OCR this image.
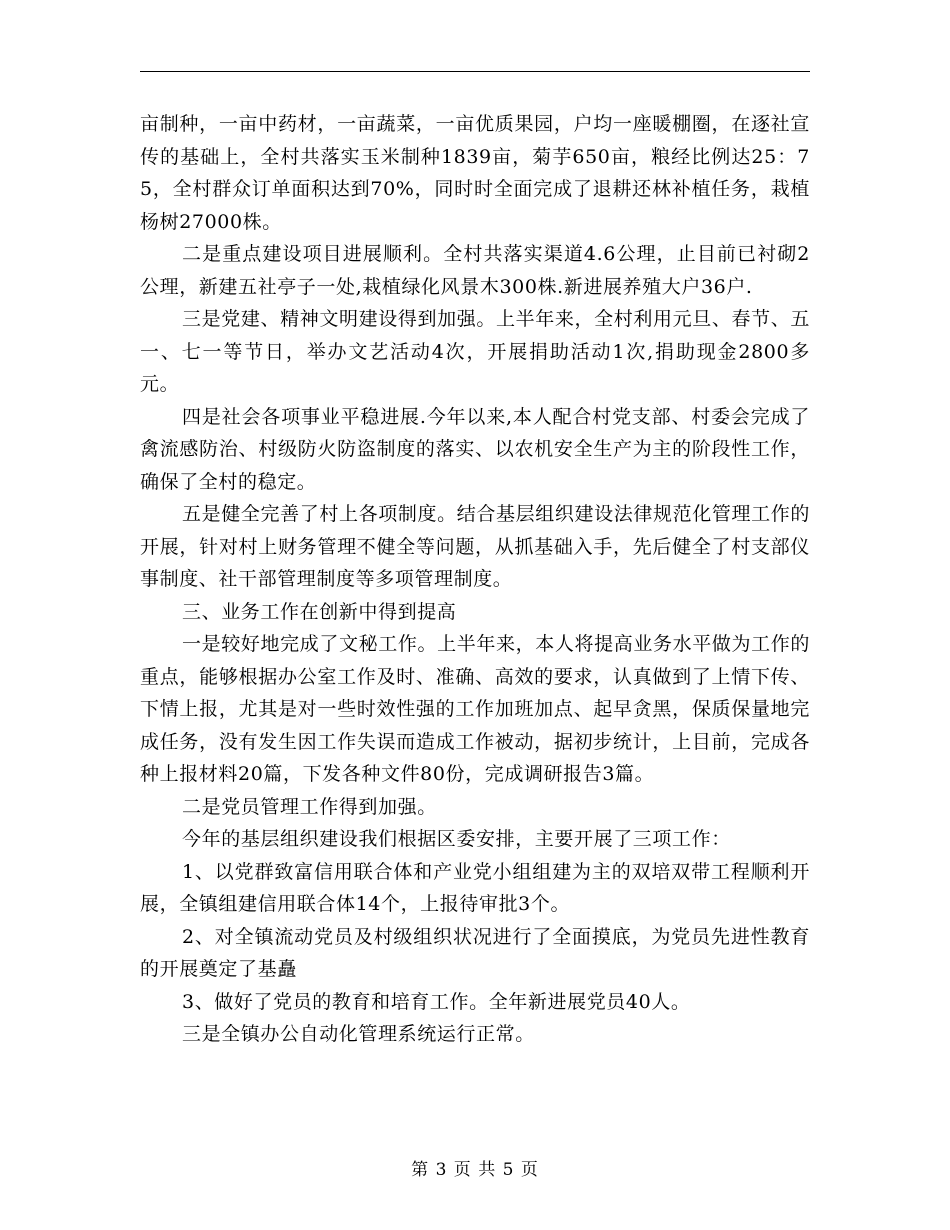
亩制种，一亩中药材，一亩蔬菜，一亩优质果园，户均一座暖棚圈，在逐社宣传的基础上，全村共落实玉米制种1839亩，菊芋650亩，粮经比例达25：75，全村群众订单面积达到70%，同时时全面完成了退耕还林补植任务，栽植杨树27000株。

二是重点建设项目进展顺利。全村共落实渠道4.6公理，止目前已衬砌2公理，新建五社亭子一处,栽植绿化风景木300株.新进展养殖大户36户.

三是党建、精神文明建设得到加强。上半年来，全村利用元旦、春节、五一、七一等节日，举办文艺活动4次，开展捐助活动1次,捐助现金2800多元。

四是社会各项事业平稳进展.今年以来,本人配合村党支部、村委会完成了禽流感防治、村级防火防盗制度的落实、以农机安全生产为主的阶段性工作，确保了全村的稳定。

五是健全完善了村上各项制度。结合基层组织建设法律规范化管理工作的开展，针对村上财务管理不健全等问题，从抓基础入手，先后健全了村支部仪事制度、社干部管理制度等多项管理制度。

三、业务工作在创新中得到提高

一是较好地完成了文秘工作。上半年来，本人将提高业务水平做为工作的重点，能够根据办公室工作及时、准确、高效的要求，认真做到了上情下传、下情上报，尤其是对一些时效性强的工作加班加点、起早贪黑，保质保量地完成任务，没有发生因工作失误而造成工作被动，据初步统计，上目前，完成各种上报材料20篇，下发各种文件80份，完成调研报告3篇。

二是党员管理工作得到加强。

今年的基层组织建设我们根据区委安排，主要开展了三项工作：

1、以党群致富信用联合体和产业党小组组建为主的双培双带工程顺利开展，全镇组建信用联合体14个，上报待审批3个。

2、对全镇流动党员及村级组织状况进行了全面摸底，为党员先进性教育的开展奠定了基矗

3、做好了党员的教育和培育工作。全年新进展党员40人。

三是全镇办公自动化管理系统运行正常。

第 3 页 共 5 页
